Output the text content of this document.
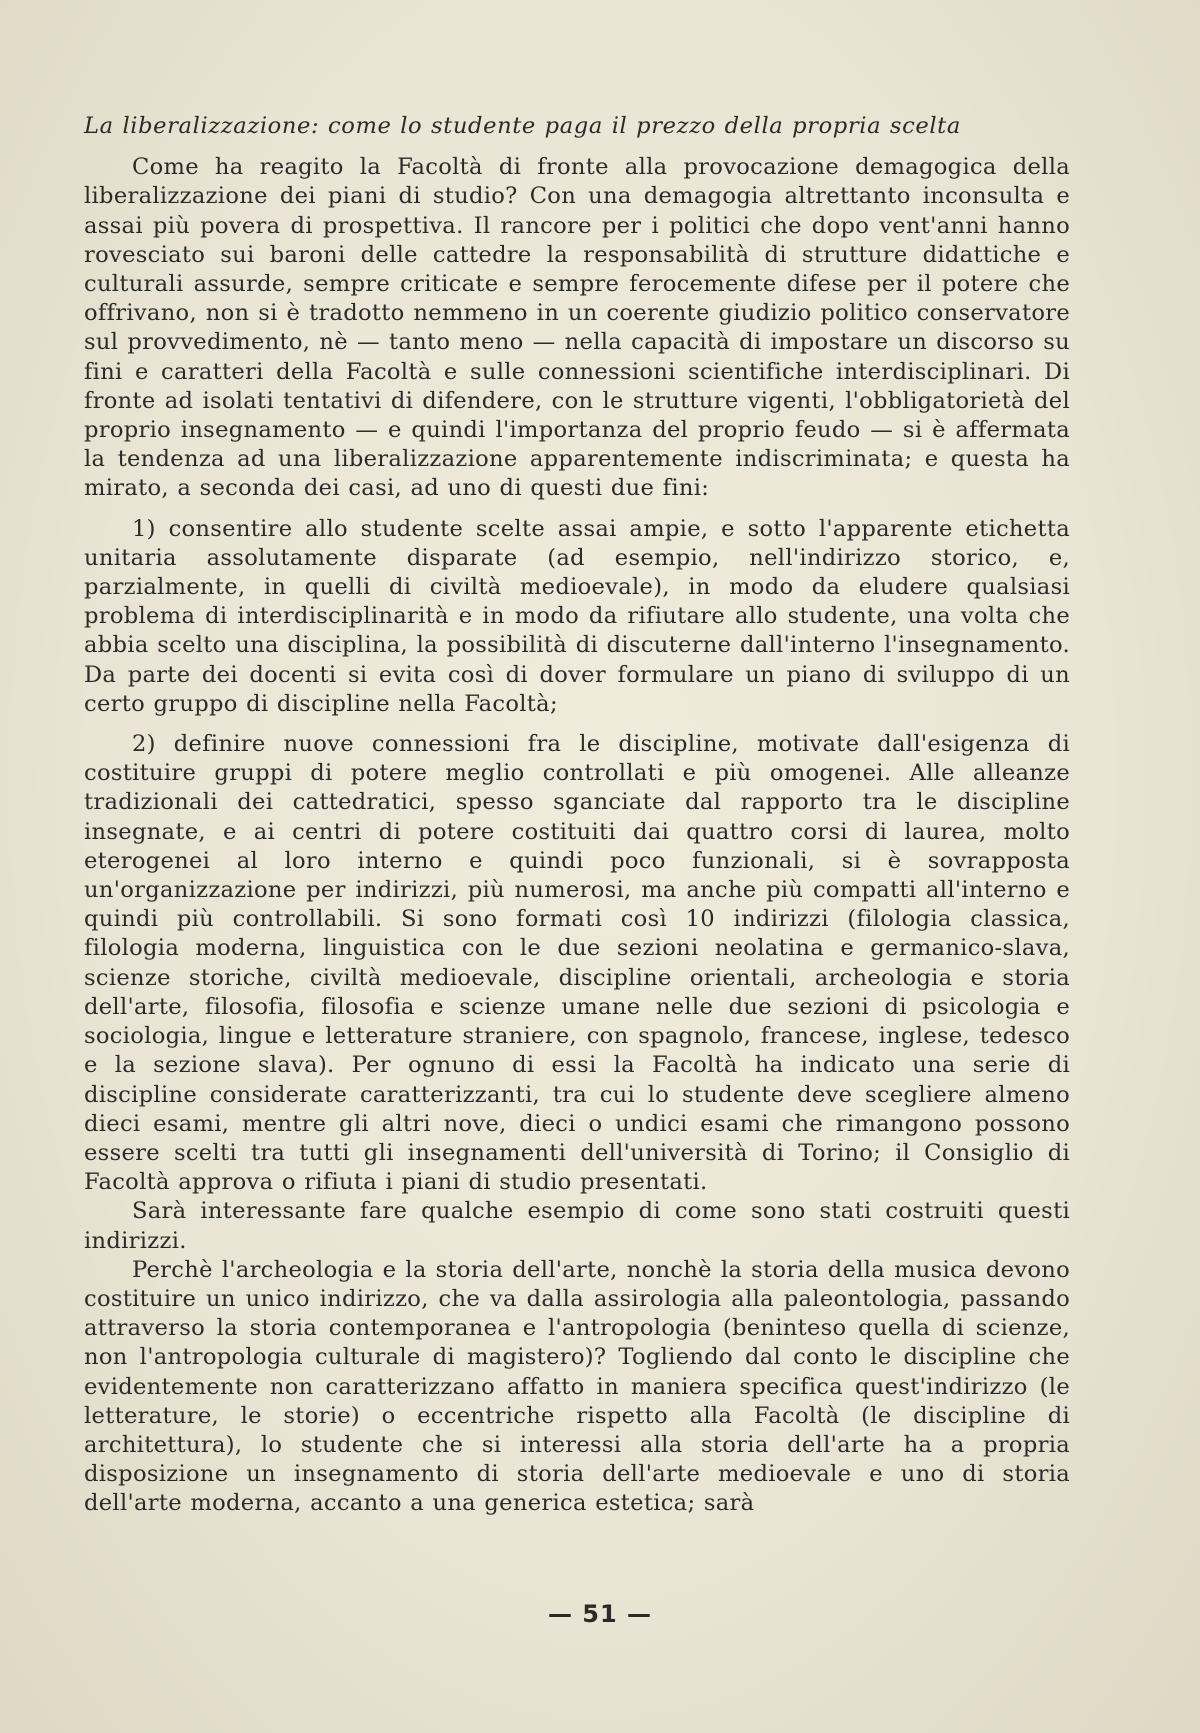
La liberalizzazione: come lo studente paga il prezzo della propria scelta

Come ha reagito la Facoltà di fronte alla provocazione demagogica della liberalizzazione dei piani di studio? Con una demagogia altrettanto inconsulta e assai più povera di prospettiva. Il rancore per i politici che dopo vent'anni hanno rovesciato sui baroni delle cattedre la responsabilità di strutture didattiche e culturali assurde, sempre criticate e sempre ferocemente difese per il potere che offrivano, non si è tradotto nemmeno in un coerente giudizio politico conservatore sul provvedimento, nè — tanto meno — nella capacità di impostare un discorso su fini e caratteri della Facoltà e sulle connessioni scientifiche interdisciplinari. Di fronte ad isolati tentativi di difendere, con le strutture vigenti, l'obbligatorietà del proprio insegnamento — e quindi l'importanza del proprio feudo — si è affermata la tendenza ad una liberalizzazione apparentemente indiscriminata; e questa ha mirato, a seconda dei casi, ad uno di questi due fini:

1) consentire allo studente scelte assai ampie, e sotto l'apparente etichetta unitaria assolutamente disparate (ad esempio, nell'indirizzo storico, e, parzialmente, in quelli di civiltà medioevale), in modo da eludere qualsiasi problema di interdisciplinarità e in modo da rifiutare allo studente, una volta che abbia scelto una disciplina, la possibilità di discuterne dall'interno l'insegnamento. Da parte dei docenti si evita così di dover formulare un piano di sviluppo di un certo gruppo di discipline nella Facoltà;

2) definire nuove connessioni fra le discipline, motivate dall'esigenza di costituire gruppi di potere meglio controllati e più omogenei. Alle alleanze tradizionali dei cattedratici, spesso sganciate dal rapporto tra le discipline insegnate, e ai centri di potere costituiti dai quattro corsi di laurea, molto eterogenei al loro interno e quindi poco funzionali, si è sovrapposta un'organizzazione per indirizzi, più numerosi, ma anche più compatti all'interno e quindi più controllabili. Si sono formati così 10 indirizzi (filologia classica, filologia moderna, linguistica con le due sezioni neolatina e germanico-slava, scienze storiche, civiltà medioevale, discipline orientali, archeologia e storia dell'arte, filosofia, filosofia e scienze umane nelle due sezioni di psicologia e sociologia, lingue e letterature straniere, con spagnolo, francese, inglese, tedesco e la sezione slava). Per ognuno di essi la Facoltà ha indicato una serie di discipline considerate caratterizzanti, tra cui lo studente deve scegliere almeno dieci esami, mentre gli altri nove, dieci o undici esami che rimangono possono essere scelti tra tutti gli insegnamenti dell'università di Torino; il Consiglio di Facoltà approva o rifiuta i piani di studio presentati.

Sarà interessante fare qualche esempio di come sono stati costruiti questi indirizzi.

Perchè l'archeologia e la storia dell'arte, nonchè la storia della musica devono costituire un unico indirizzo, che va dalla assirologia alla paleontologia, passando attraverso la storia contemporanea e l'antropologia (beninteso quella di scienze, non l'antropologia culturale di magistero)? Togliendo dal conto le discipline che evidentemente non caratterizzano affatto in maniera specifica quest'indirizzo (le letterature, le storie) o eccentriche rispetto alla Facoltà (le discipline di architettura), lo studente che si interessi alla storia dell'arte ha a propria disposizione un insegnamento di storia dell'arte medioevale e uno di storia dell'arte moderna, accanto a una generica estetica; sarà

— 51 —
